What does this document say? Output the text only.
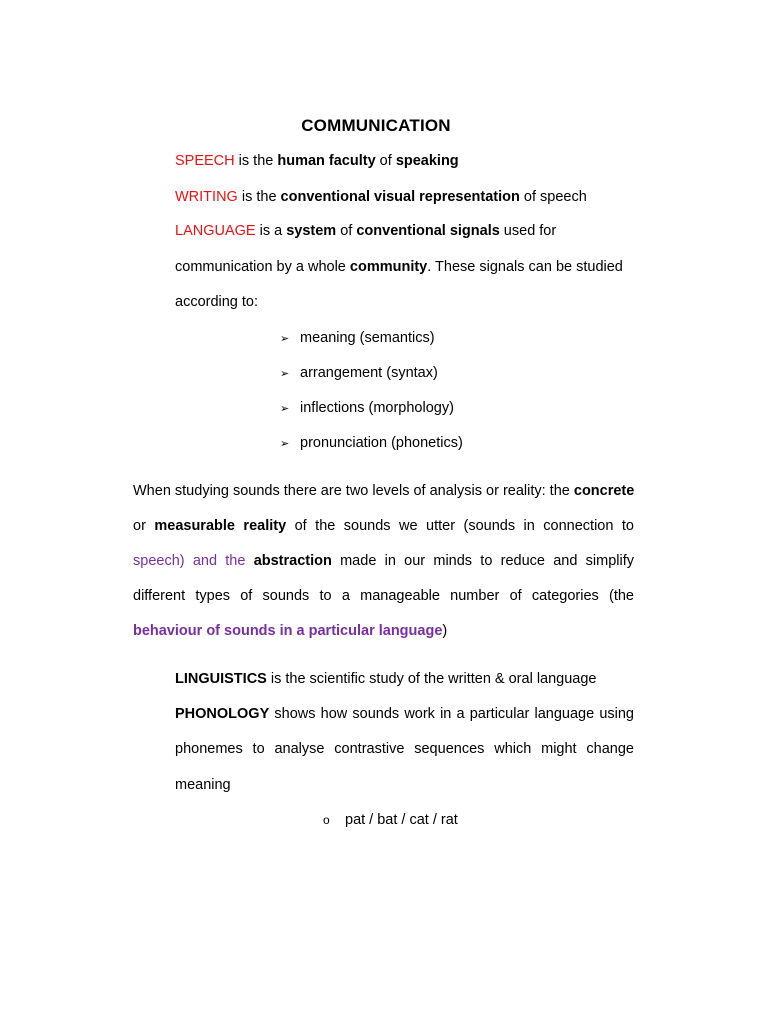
COMMUNICATION
SPEECH is the human faculty of speaking
WRITING is the conventional visual representation of speech
LANGUAGE is a system of conventional signals used for
communication by a whole community. These signals can be studied
according to:
➢ meaning (semantics)
➢ arrangement (syntax)
➢ inflections (morphology)
➢ pronunciation (phonetics)
When studying sounds there are two levels of analysis or reality: the concrete
or measurable reality of the sounds we utter (sounds in connection to
speech) and the abstraction made in our minds to reduce and simplify
different types of sounds to a manageable number of categories (the
behaviour of sounds in a particular language)
LINGUISTICS is the scientific study of the written & oral language
PHONOLOGY shows how sounds work in a particular language using
phonemes to analyse contrastive sequences which might change
meaning
o pat / bat / cat / rat
